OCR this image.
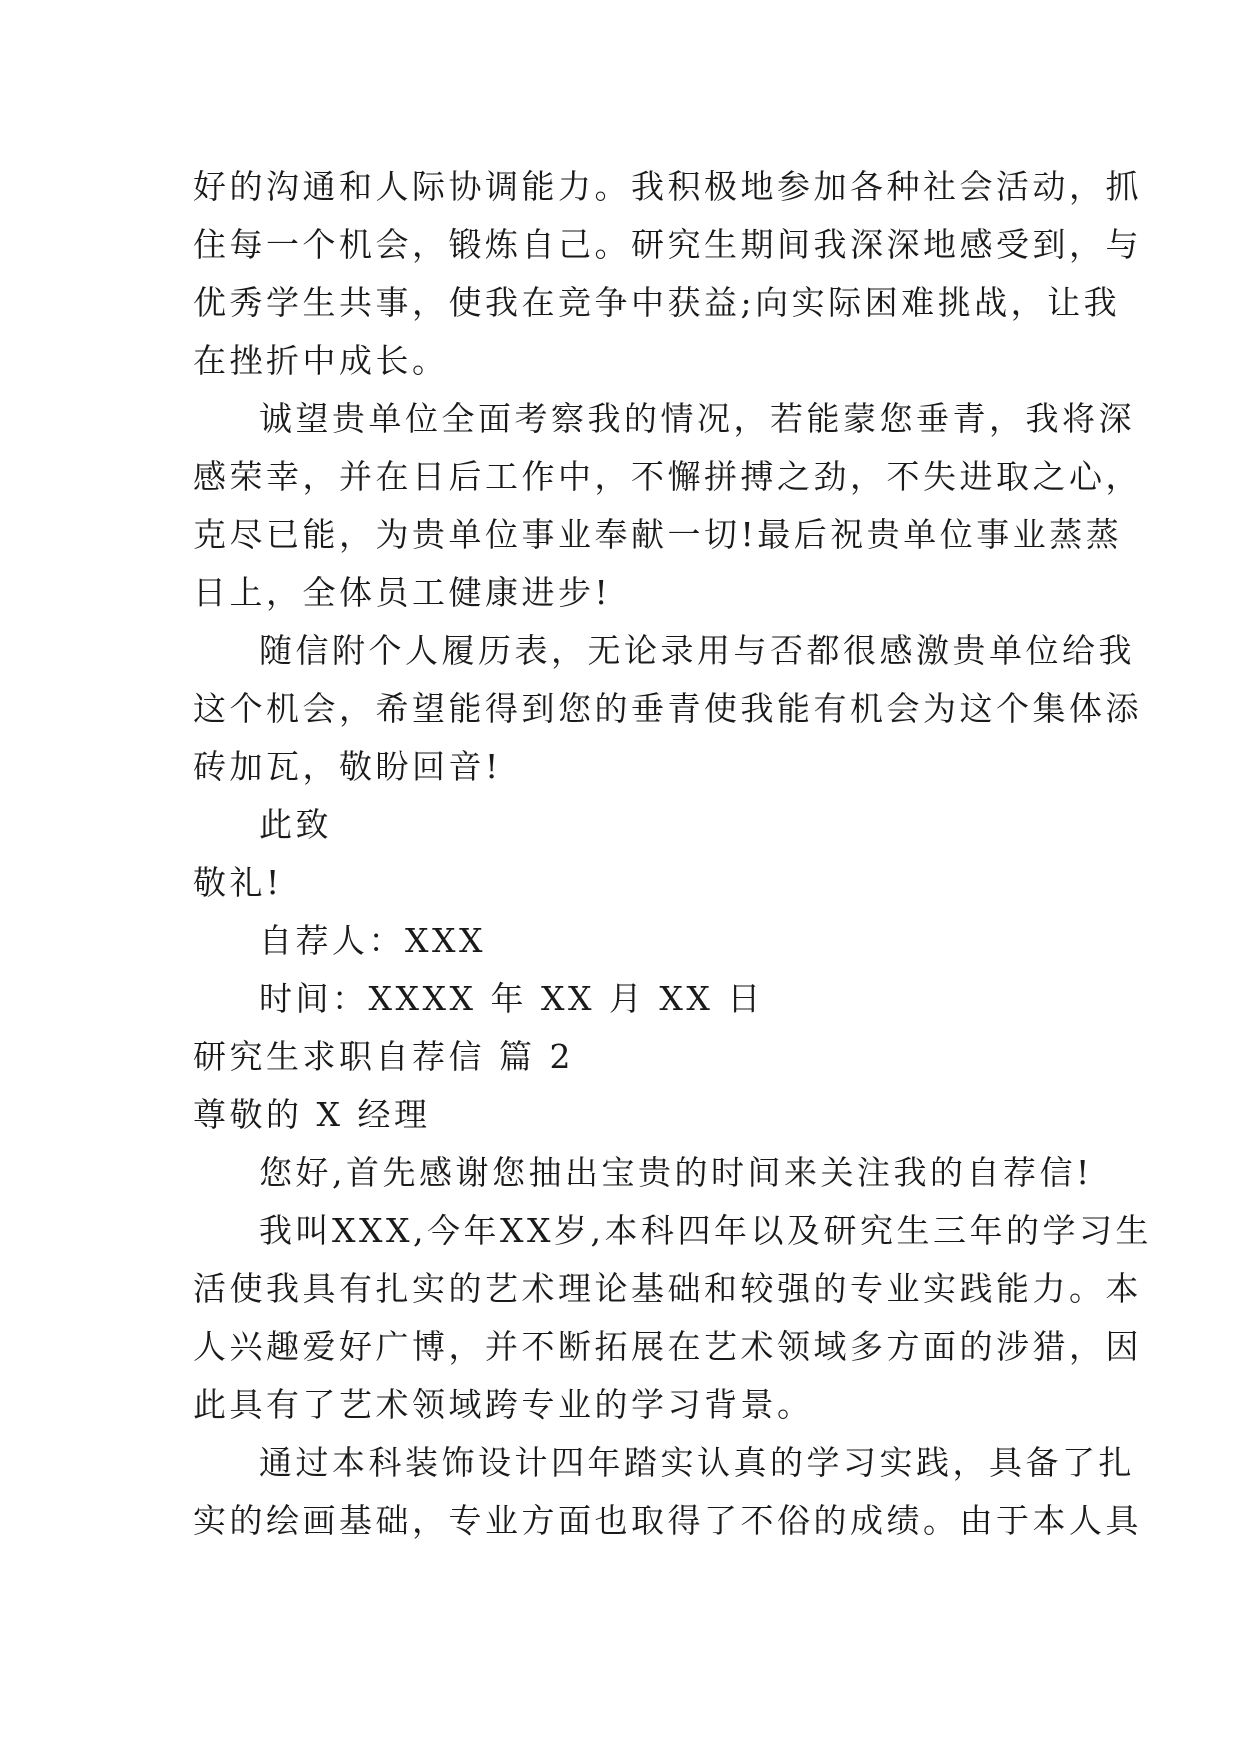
好的沟通和人际协调能力。我积极地参加各种社会活动，抓
住每一个机会，锻炼自己。研究生期间我深深地感受到，与
优秀学生共事，使我在竞争中获益;向实际困难挑战，让我
在挫折中成长。
诚望贵单位全面考察我的情况，若能蒙您垂青，我将深
感荣幸，并在日后工作中，不懈拼搏之劲，不失进取之心，
克尽已能，为贵单位事业奉献一切!最后祝贵单位事业蒸蒸
日上，全体员工健康进步!
随信附个人履历表，无论录用与否都很感激贵单位给我
这个机会，希望能得到您的垂青使我能有机会为这个集体添
砖加瓦，敬盼回音!
此致
敬礼!
自荐人：XXX
时间：XXXX 年 XX 月 XX 日
研究生求职自荐信 篇 2
尊敬的 X 经理
您好,首先感谢您抽出宝贵的时间来关注我的自荐信!
我叫XXX,今年XX岁,本科四年以及研究生三年的学习生
活使我具有扎实的艺术理论基础和较强的专业实践能力。本
人兴趣爱好广博，并不断拓展在艺术领域多方面的涉猎，因
此具有了艺术领域跨专业的学习背景。
通过本科装饰设计四年踏实认真的学习实践，具备了扎
实的绘画基础，专业方面也取得了不俗的成绩。由于本人具
